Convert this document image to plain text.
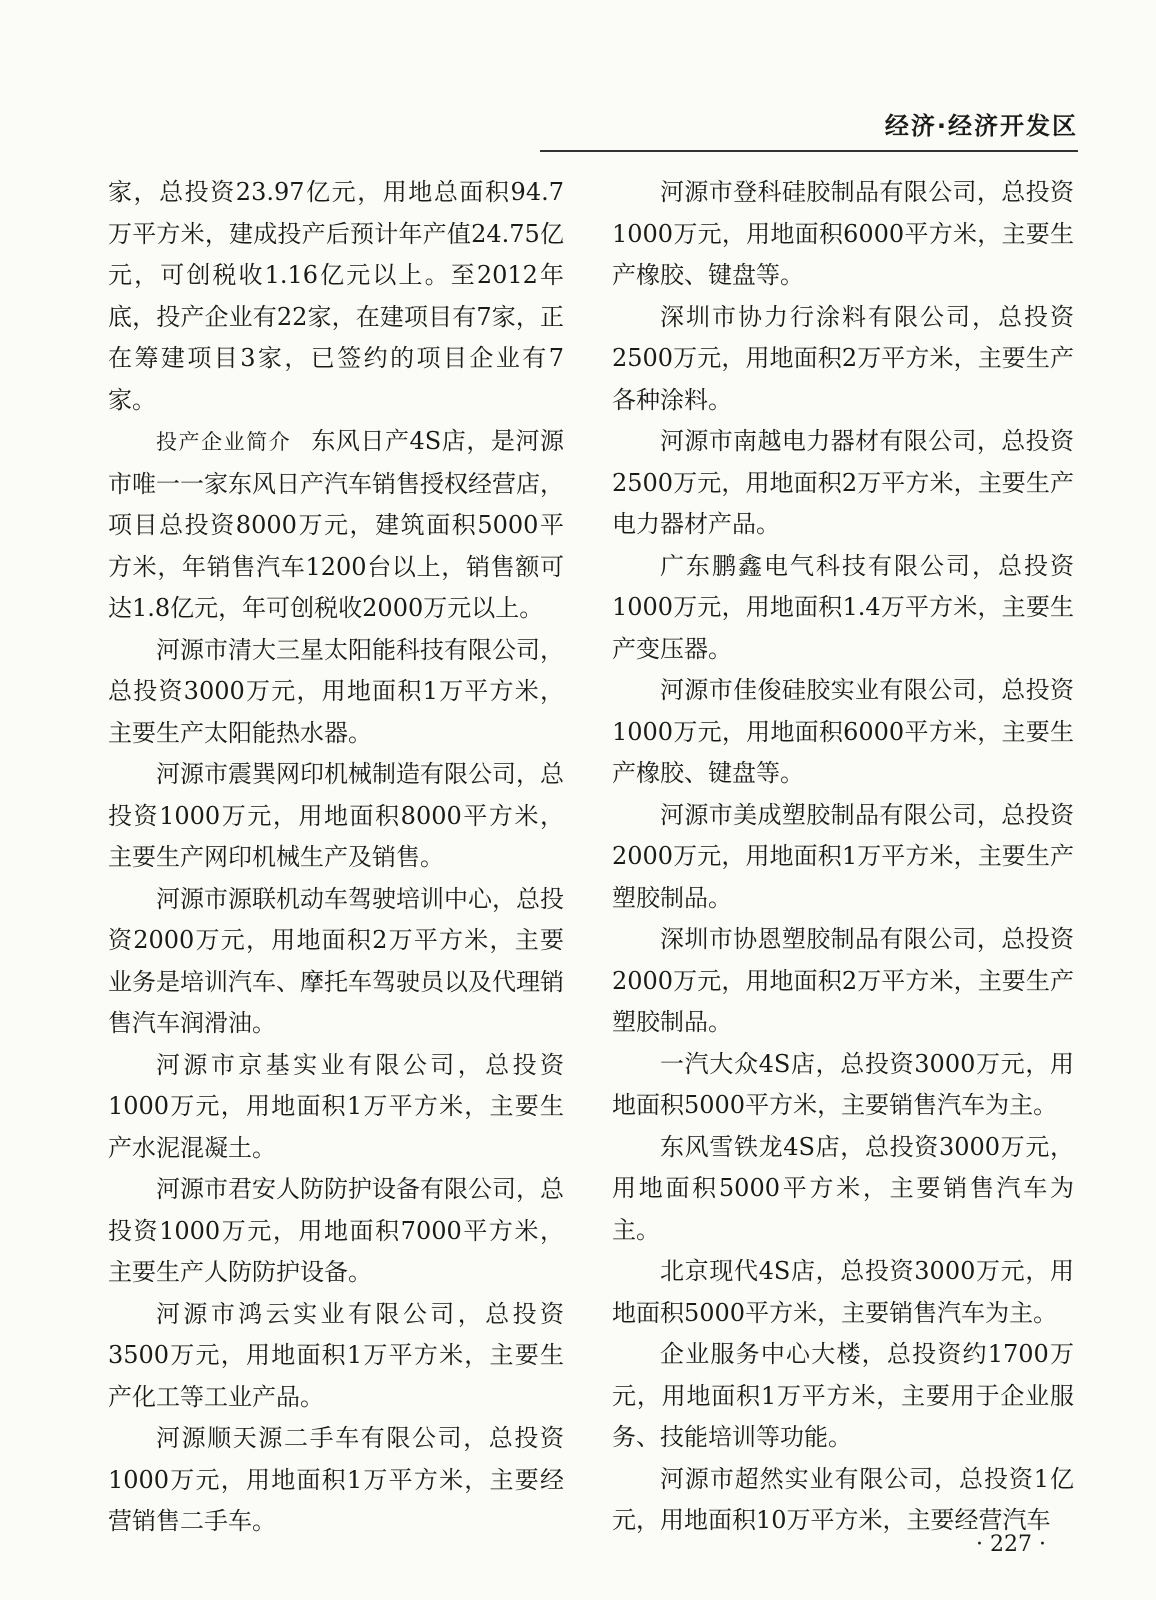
经济·经济开发区

家，总投资23.97亿元，用地总面积94.7万平方米，建成投产后预计年产值24.75亿元，可创税收1.16亿元以上。至2012年底，投产企业有22家，在建项目有7家，正在筹建项目3家，已签约的项目企业有7家。

投产企业简介 东风日产4S店，是河源市唯一一家东风日产汽车销售授权经营店，项目总投资8000万元，建筑面积5000平方米，年销售汽车1200台以上，销售额可达1.8亿元，年可创税收2000万元以上。

河源市清大三星太阳能科技有限公司，总投资3000万元，用地面积1万平方米，主要生产太阳能热水器。

河源市震巽网印机械制造有限公司，总投资1000万元，用地面积8000平方米，主要生产网印机械生产及销售。

河源市源联机动车驾驶培训中心，总投资2000万元，用地面积2万平方米，主要业务是培训汽车、摩托车驾驶员以及代理销售汽车润滑油。

河源市京基实业有限公司，总投资1000万元，用地面积1万平方米，主要生产水泥混凝土。

河源市君安人防防护设备有限公司，总投资1000万元，用地面积7000平方米，主要生产人防防护设备。

河源市鸿云实业有限公司，总投资3500万元，用地面积1万平方米，主要生产化工等工业产品。

河源顺天源二手车有限公司，总投资1000万元，用地面积1万平方米，主要经营销售二手车。

河源市登科硅胶制品有限公司，总投资1000万元，用地面积6000平方米，主要生产橡胶、键盘等。

深圳市协力行涂料有限公司，总投资2500万元，用地面积2万平方米，主要生产各种涂料。

河源市南越电力器材有限公司，总投资2500万元，用地面积2万平方米，主要生产电力器材产品。

广东鹏鑫电气科技有限公司，总投资1000万元，用地面积1.4万平方米，主要生产变压器。

河源市佳俊硅胶实业有限公司，总投资1000万元，用地面积6000平方米，主要生产橡胶、键盘等。

河源市美成塑胶制品有限公司，总投资2000万元，用地面积1万平方米，主要生产塑胶制品。

深圳市协恩塑胶制品有限公司，总投资2000万元，用地面积2万平方米，主要生产塑胶制品。

一汽大众4S店，总投资3000万元，用地面积5000平方米，主要销售汽车为主。

东风雪铁龙4S店，总投资3000万元，用地面积5000平方米，主要销售汽车为主。

北京现代4S店，总投资3000万元，用地面积5000平方米，主要销售汽车为主。

企业服务中心大楼，总投资约1700万元，用地面积1万平方米，主要用于企业服务、技能培训等功能。

河源市超然实业有限公司，总投资1亿元，用地面积10万平方米，主要经营汽车

· 227 ·
